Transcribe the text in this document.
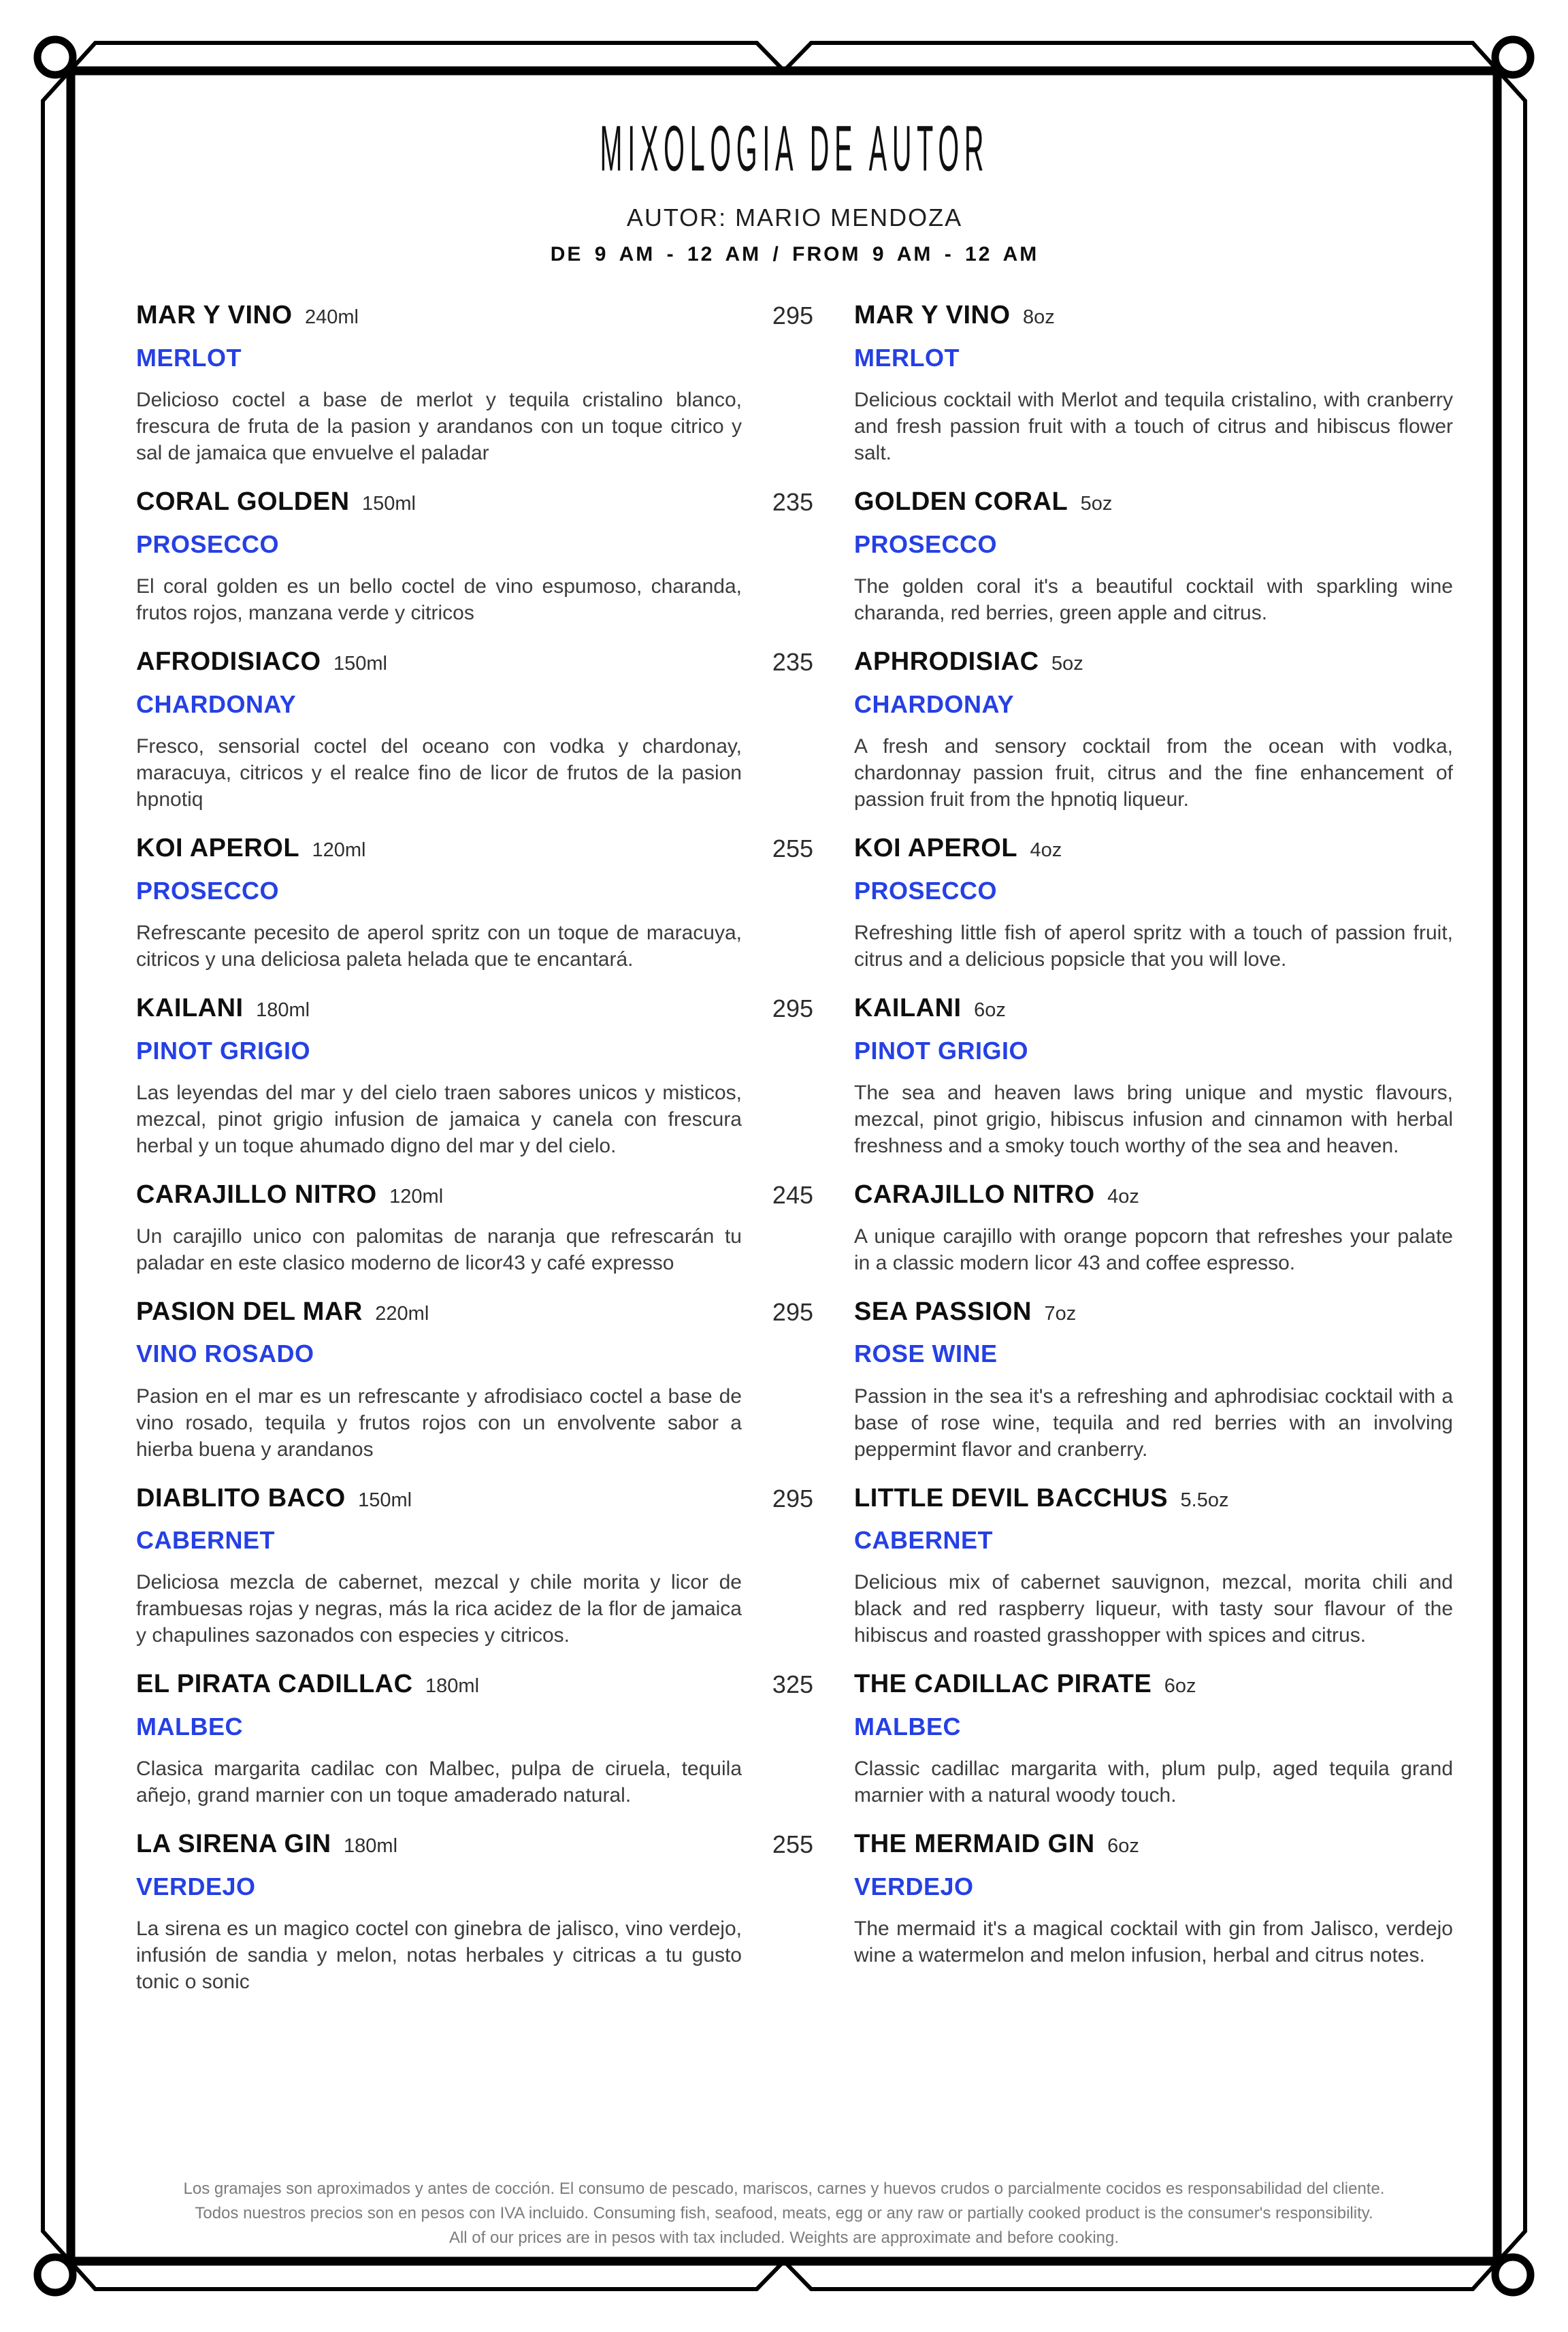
MIXOLOGIA DE AUTOR
AUTOR: MARIO MENDOZA
DE 9 AM - 12 AM / FROM 9 AM - 12 AM
MAR Y VINO 240ml
MERLOT

Delicioso coctel a base de merlot y tequila cristalino blanco, frescura de fruta de la pasion y arandanos con un toque citrico y sal de jamaica que envuelve el paladar

295	MAR Y VINO 8oz
MERLOT

Delicious cocktail with Merlot and tequila cristalino, with cranberry and fresh passion fruit with a touch of citrus and hibiscus flower salt.

CORAL GOLDEN 150ml
PROSECCO

El coral golden es un bello coctel de vino espumoso, charanda, frutos rojos, manzana verde y citricos

235	GOLDEN CORAL 5oz
PROSECCO

The golden coral it's a beautiful cocktail with sparkling wine charanda, red berries, green apple and citrus.

AFRODISIACO 150ml
CHARDONAY

Fresco, sensorial coctel del oceano con vodka y chardonay, maracuya, citricos y el realce fino de licor de frutos de la pasion hpnotiq

235	APHRODISIAC 5oz
CHARDONAY

A fresh and sensory cocktail from the ocean with vodka, chardonnay passion fruit, citrus and the fine enhancement of passion fruit from the hpnotiq liqueur.

KOI APEROL 120ml
PROSECCO

Refrescante pecesito de aperol spritz con un toque de maracuya, citricos y una deliciosa paleta helada que te encantará.

255	KOI APEROL 4oz
PROSECCO

Refreshing little fish of aperol spritz with a touch of passion fruit, citrus and a delicious popsicle that you will love.

KAILANI 180ml
PINOT GRIGIO

Las leyendas del mar y del cielo traen sabores unicos y misticos, mezcal, pinot grigio infusion de jamaica y canela con frescura herbal y un toque ahumado digno del mar y del cielo.

295	KAILANI 6oz
PINOT GRIGIO

The sea and heaven laws bring unique and mystic flavours, mezcal, pinot grigio, hibiscus infusion and cinnamon with herbal freshness and a smoky touch worthy of the sea and heaven.

CARAJILLO NITRO 120ml

Un carajillo unico con palomitas de naranja que refrescarán tu paladar en este clasico moderno de licor43 y café expresso

245	CARAJILLO NITRO 4oz

A unique carajillo with orange popcorn that refreshes your palate in a classic modern licor 43 and coffee espresso.

PASION DEL MAR 220ml
VINO ROSADO

Pasion en el mar es un refrescante y afrodisiaco coctel a base de vino rosado, tequila y frutos rojos con un envolvente sabor a hierba buena y arandanos

295	SEA PASSION 7oz
ROSE WINE

Passion in the sea it's a refreshing and aphrodisiac cocktail with a base of rose wine, tequila and red berries with an involving peppermint flavor and cranberry.

DIABLITO BACO 150ml
CABERNET

Deliciosa mezcla de cabernet, mezcal y chile morita y licor de frambuesas rojas y negras, más la rica acidez de la flor de jamaica y chapulines sazonados con especies y citricos.

295	LITTLE DEVIL BACCHUS 5.5oz
CABERNET

Delicious mix of cabernet sauvignon, mezcal, morita chili and black and red raspberry liqueur, with tasty sour flavour of the hibiscus and roasted grasshopper with spices and citrus.

EL PIRATA CADILLAC 180ml
MALBEC

Clasica margarita cadilac con Malbec, pulpa de ciruela, tequila añejo, grand marnier con un toque amaderado natural.

325	THE CADILLAC PIRATE 6oz
MALBEC

Classic cadillac margarita with, plum pulp, aged tequila grand marnier with a natural woody touch.

LA SIRENA GIN 180ml
VERDEJO

La sirena es un magico coctel con ginebra de jalisco, vino verdejo, infusión de sandia y melon, notas herbales y citricas a tu gusto tonic o sonic

255	THE MERMAID GIN 6oz
VERDEJO

The mermaid it's a magical cocktail with gin from Jalisco, verdejo wine a watermelon and melon infusion, herbal and citrus notes.

Los gramajes son aproximados y antes de cocción. El consumo de pescado, mariscos, carnes y huevos crudos o parcialmente cocidos es responsabilidad del cliente.
Todos nuestros precios son en pesos con IVA incluido. Consuming fish, seafood, meats, egg or any raw or partially cooked product is the consumer's responsibility.
All of our prices are in pesos with tax included. Weights are approximate and before cooking.
